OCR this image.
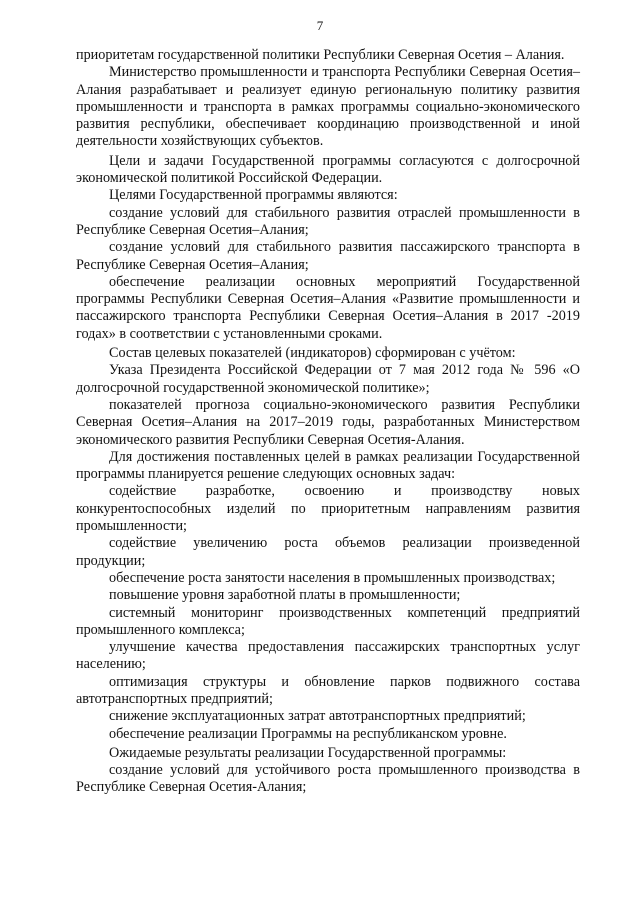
7

приоритетам государственной политики Республики Северная Осетия – Алания.

Министерство промышленности и транспорта Республики Северная Осетия–Алания разрабатывает и реализует единую региональную политику развития промышленности и транспорта в рамках программы социально-экономического развития республики, обеспечивает координацию производственной и иной деятельности хозяйствующих субъектов.

Цели и задачи Государственной программы согласуются с долгосрочной экономической политикой Российской Федерации.

Целями Государственной программы являются:

создание условий для стабильного развития отраслей промышленности в Республике Северная Осетия–Алания;

создание условий для стабильного развития пассажирского транспорта в Республике Северная Осетия–Алания;

обеспечение реализации основных мероприятий Государственной программы Республики Северная Осетия–Алания «Развитие промышленности и пассажирского транспорта Республики Северная Осетия–Алания в 2017 -2019 годах» в соответствии с установленными сроками.

Состав целевых показателей (индикаторов) сформирован с учётом:

Указа Президента Российской Федерации от 7 мая 2012 года № 596 «О долгосрочной государственной экономической политике»;

показателей прогноза социально-экономического развития Республики Северная Осетия–Алания на 2017–2019 годы, разработанных Министерством экономического развития Республики Северная Осетия-Алания.

Для достижения поставленных целей в рамках реализации Государственной программы планируется решение следующих основных задач:

содействие разработке, освоению и производству новых конкурентоспособных изделий по приоритетным направлениям развития промышленности;

содействие увеличению роста объемов реализации произведенной продукции;

обеспечение роста занятости населения в промышленных производствах;

повышение уровня заработной платы в промышленности;

системный мониторинг производственных компетенций предприятий промышленного комплекса;

улучшение качества предоставления пассажирских транспортных услуг населению;

оптимизация структуры и обновление парков подвижного состава автотранспортных предприятий;

снижение эксплуатационных затрат автотранспортных предприятий;

обеспечение реализации Программы на республиканском уровне.

Ожидаемые результаты реализации Государственной программы:

создание условий для устойчивого роста промышленного производства в Республике Северная Осетия-Алания;
